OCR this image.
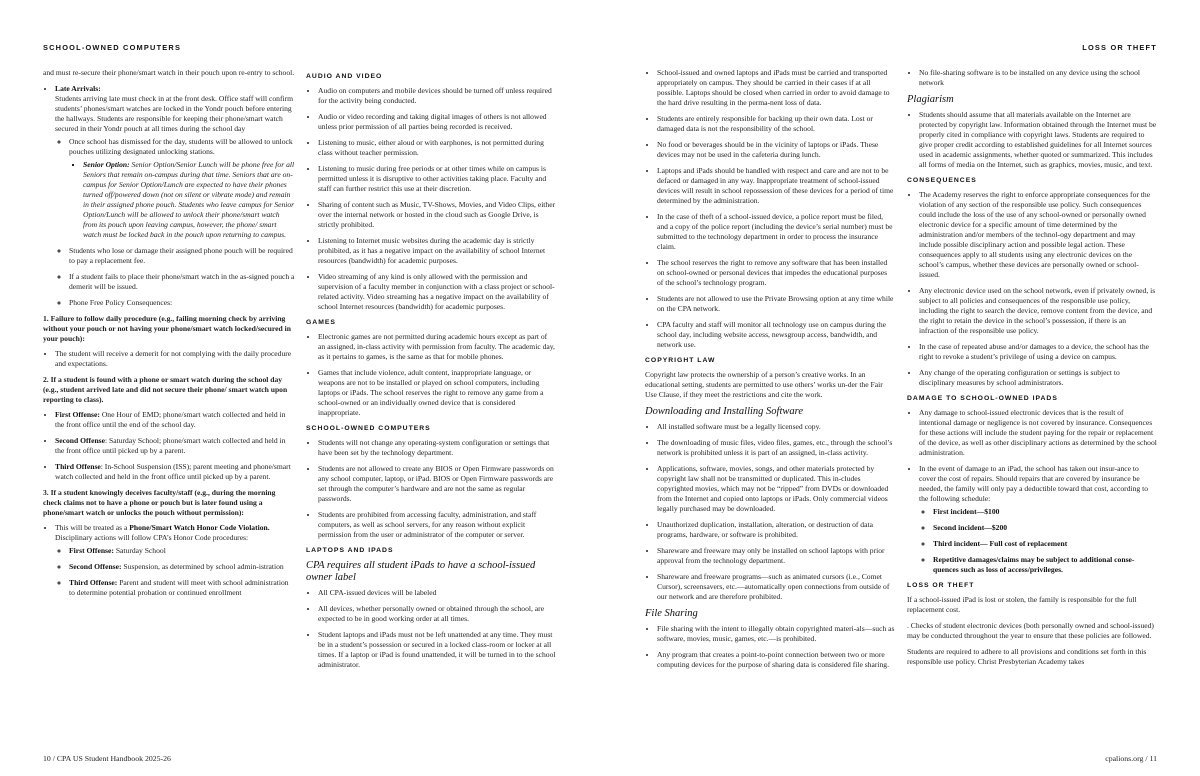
SCHOOL-OWNED COMPUTERS	LOSS OR THEFT

and must re-secure their phone/smart watch in their pouch upon re-entry to school.

• Late Arrivals:
Students arriving late must check in at the front desk. Office staff will confirm students’ phones/smart watches are locked in the Yondr pouch before entering the hallways. Students are responsible for keeping their phone/smart watch secured in their Yondr pouch at all times during the school day
◦ Once school has dismissed for the day, students will be allowed to unlock pouches utilizing designated unlocking stations.
▪ Senior Option: Senior Option/Senior Lunch will be phone free for all Seniors that remain on-campus during that time. Seniors that are on-campus for Senior Option/Lunch are expected to have their phones turned off/powered down (not on silent or vibrate mode) and remain in their assigned phone pouch. Students who leave campus for Senior Option/Lunch will be allowed to unlock their phone/smart watch from its pouch upon leaving campus, however, the phone/ smart watch must be locked back in the pouch upon returning to campus.
◦ Students who lose or damage their assigned phone pouch will be required to pay a replacement fee.
◦ If a student fails to place their phone/smart watch in the as-signed pouch a demerit will be issued.
◦ Phone Free Policy Consequences:

1. Failure to follow daily procedure (e.g., failing morning check by arriving without your pouch or not having your phone/smart watch locked/secured in your pouch):

• The student will receive a demerit for not complying with the daily procedure and expectations.

2. If a student is found with a phone or smart watch during the school day (e.g., student arrived late and did not secure their phone/ smart watch upon reporting to class).

• First Offense: One Hour of EMD; phone/smart watch collected and held in the front office until the end of the school day.
• Second Offense: Saturday School; phone/smart watch collected and held in the front office until picked up by a parent.
• Third Offense: In-School Suspension (ISS); parent meeting and phone/smart watch collected and held in the front office until picked up by a parent.

3. If a student knowingly deceives faculty/staff (e.g., during the morning check claims not to have a phone or pouch but is later found using a phone/smart watch or unlocks the pouch without permission):

• This will be treated as a Phone/Smart Watch Honor Code Violation. Disciplinary actions will follow CPA’s Honor Code procedures:
◦ First Offense: Saturday School
◦ Second Offense: Suspension, as determined by school admin-istration
◦ Third Offense: Parent and student will meet with school administration to determine potential probation or continued enrollment
AUDIO AND VIDEO
• Audio on computers and mobile devices should be turned off unless required for the activity being conducted.
• Audio or video recording and taking digital images of others is not allowed unless prior permission of all parties being recorded is received.
• Listening to music, either aloud or with earphones, is not permitted during class without teacher permission.
• Listening to music during free periods or at other times while on campus is permitted unless it is disruptive to other activities taking place. Faculty and staff can further restrict this use at their discretion.
• Sharing of content such as Music, TV-Shows, Movies, and Video Clips, either over the internal network or hosted in the cloud such as Google Drive, is strictly prohibited.
• Listening to Internet music websites during the academic day is strictly prohibited, as it has a negative impact on the availability of school Internet resources (bandwidth) for academic purposes.
• Video streaming of any kind is only allowed with the permission and supervision of a faculty member in conjunction with a class project or school-related activity. Video streaming has a negative impact on the availability of school Internet resources (bandwidth) for academic purposes.
GAMES
• Electronic games are not permitted during academic hours except as part of an assigned, in-class activity with permission from faculty. The academic day, as it pertains to games, is the same as that for mobile phones.
• Games that include violence, adult content, inappropriate language, or weapons are not to be installed or played on school computers, including laptops or iPads. The school reserves the right to remove any game from a school-owned or an individually owned device that is considered inappropriate.
SCHOOL-OWNED COMPUTERS
• Students will not change any operating-system configuration or settings that have been set by the technology department.
• Students are not allowed to create any BIOS or Open Firmware passwords on any school computer, laptop, or iPad. BIOS or Open Firmware passwords are set through the computer’s hardware and are not the same as regular passwords.
• Students are prohibited from accessing faculty, administration, and staff computers, as well as school servers, for any reason without explicit permission from the user or administrator of the computer or server.
LAPTOPS AND IPADS
CPA requires all student iPads to have a school-issued owner label
• All CPA-issued devices will be labeled
• All devices, whether personally owned or obtained through the school, are expected to be in good working order at all times.
• Student laptops and iPads must not be left unattended at any time. They must be in a student’s possession or secured in a locked class-room or locker at all times. If a laptop or iPad is found unattended, it will be turned in to the school administrator.
• School-issued and owned laptops and iPads must be carried and transported appropriately on campus. They should be carried in their cases if at all possible. Laptops should be closed when carried in order to avoid damage to the hard drive resulting in the perma-nent loss of data.
• Students are entirely responsible for backing up their own data. Lost or damaged data is not the responsibility of the school.
• No food or beverages should be in the vicinity of laptops or iPads. These devices may not be used in the cafeteria during lunch.
• Laptops and iPads should be handled with respect and care and are not to be defaced or damaged in any way. Inappropriate treatment of school-issued devices will result in school repossession of these devices for a period of time determined by the administration.
• In the case of theft of a school-issued device, a police report must be filed, and a copy of the police report (including the device’s serial number) must be submitted to the technology department in order to process the insurance claim.
• The school reserves the right to remove any software that has been installed on school-owned or personal devices that impedes the educational purposes of the school’s technology program.
• Students are not allowed to use the Private Browsing option at any time while on the CPA network.
• CPA faculty and staff will monitor all technology use on campus during the school day, including website access, newsgroup access, bandwidth, and network use.
COPYRIGHT LAW

Copyright law protects the ownership of a person’s creative works. In an educational setting, students are permitted to use others’ works un-der the Fair Use Clause, if they meet the restrictions and cite the work.

Downloading and Installing Software
• All installed software must be a legally licensed copy.
• The downloading of music files, video files, games, etc., through the school’s network is prohibited unless it is part of an assigned, in-class activity.
• Applications, software, movies, songs, and other materials protected by copyright law shall not be transmitted or duplicated. This in-cludes copyrighted movies, which may not be “ripped” from DVDs or downloaded from the Internet and copied onto laptops or iPads. Only commercial videos legally purchased may be downloaded.
• Unauthorized duplication, installation, alteration, or destruction of data programs, hardware, or software is prohibited.
• Shareware and freeware may only be installed on school laptops with prior approval from the technology department.
• Shareware and freeware programs—such as animated cursors (i.e., Comet Cursor), screensavers, etc.—automatically open connections from outside of our network and are therefore prohibited.
File Sharing
• File sharing with the intent to illegally obtain copyrighted materi-als—such as software, movies, music, games, etc.—is prohibited.
• Any program that creates a point-to-point connection between two or more computing devices for the purpose of sharing data is considered file sharing.
• No file-sharing software is to be installed on any device using the school network
Plagiarism
• Students should assume that all materials available on the Internet are protected by copyright law. Information obtained through the Internet must be properly cited in compliance with copyright laws. Students are required to give proper credit according to established guidelines for all Internet sources used in academic assignments, whether quoted or summarized. This includes all forms of media on the Internet, such as graphics, movies, music, and text.
CONSEQUENCES
• The Academy reserves the right to enforce appropriate consequences for the violation of any section of the responsible use policy. Such consequences could include the loss of the use of any school-owned or personally owned electronic device for a specific amount of time determined by the administration and/or members of the technol-ogy department and may include possible disciplinary action and possible legal action. These consequences apply to all students using any electronic devices on the school’s campus, whether these devices are personally owned or school-issued.
• Any electronic device used on the school network, even if privately owned, is subject to all policies and consequences of the responsible use policy, including the right to search the device, remove content from the device, and the right to retain the device in the school’s possession, if there is an infraction of the responsible use policy.
• In the case of repeated abuse and/or damages to a device, the school has the right to revoke a student’s privilege of using a device on campus.
• Any change of the operating configuration or settings is subject to disciplinary measures by school administrators.
DAMAGE TO SCHOOL-OWNED IPADS
• Any damage to school-issued electronic devices that is the result of intentional damage or negligence is not covered by insurance. Consequences for these actions will include the student paying for the repair or replacement of the device, as well as other disciplinary actions as determined by the school administration.
• In the event of damage to an iPad, the school has taken out insur-ance to cover the cost of repairs. Should repairs that are covered by insurance be needed, the family will only pay a deductible toward that cost, according to the following schedule:
◦ First incident—$100
◦ Second incident—$200
◦ Third incident— Full cost of replacement
◦ Repetitive damages/claims may be subject to additional conse-quences such as loss of access/privileges.
LOSS OR THEFT

If a school-issued iPad is lost or stolen, the family is responsible for the full replacement cost.

. Checks of student electronic devices (both personally owned and school-issued) may be conducted throughout the year to ensure that these policies are followed.

Students are required to adhere to all provisions and conditions set forth in this responsible use policy. Christ Presbyterian Academy takes

10 / CPA US Student Handbook 2025-26	cpalions.org / 11
